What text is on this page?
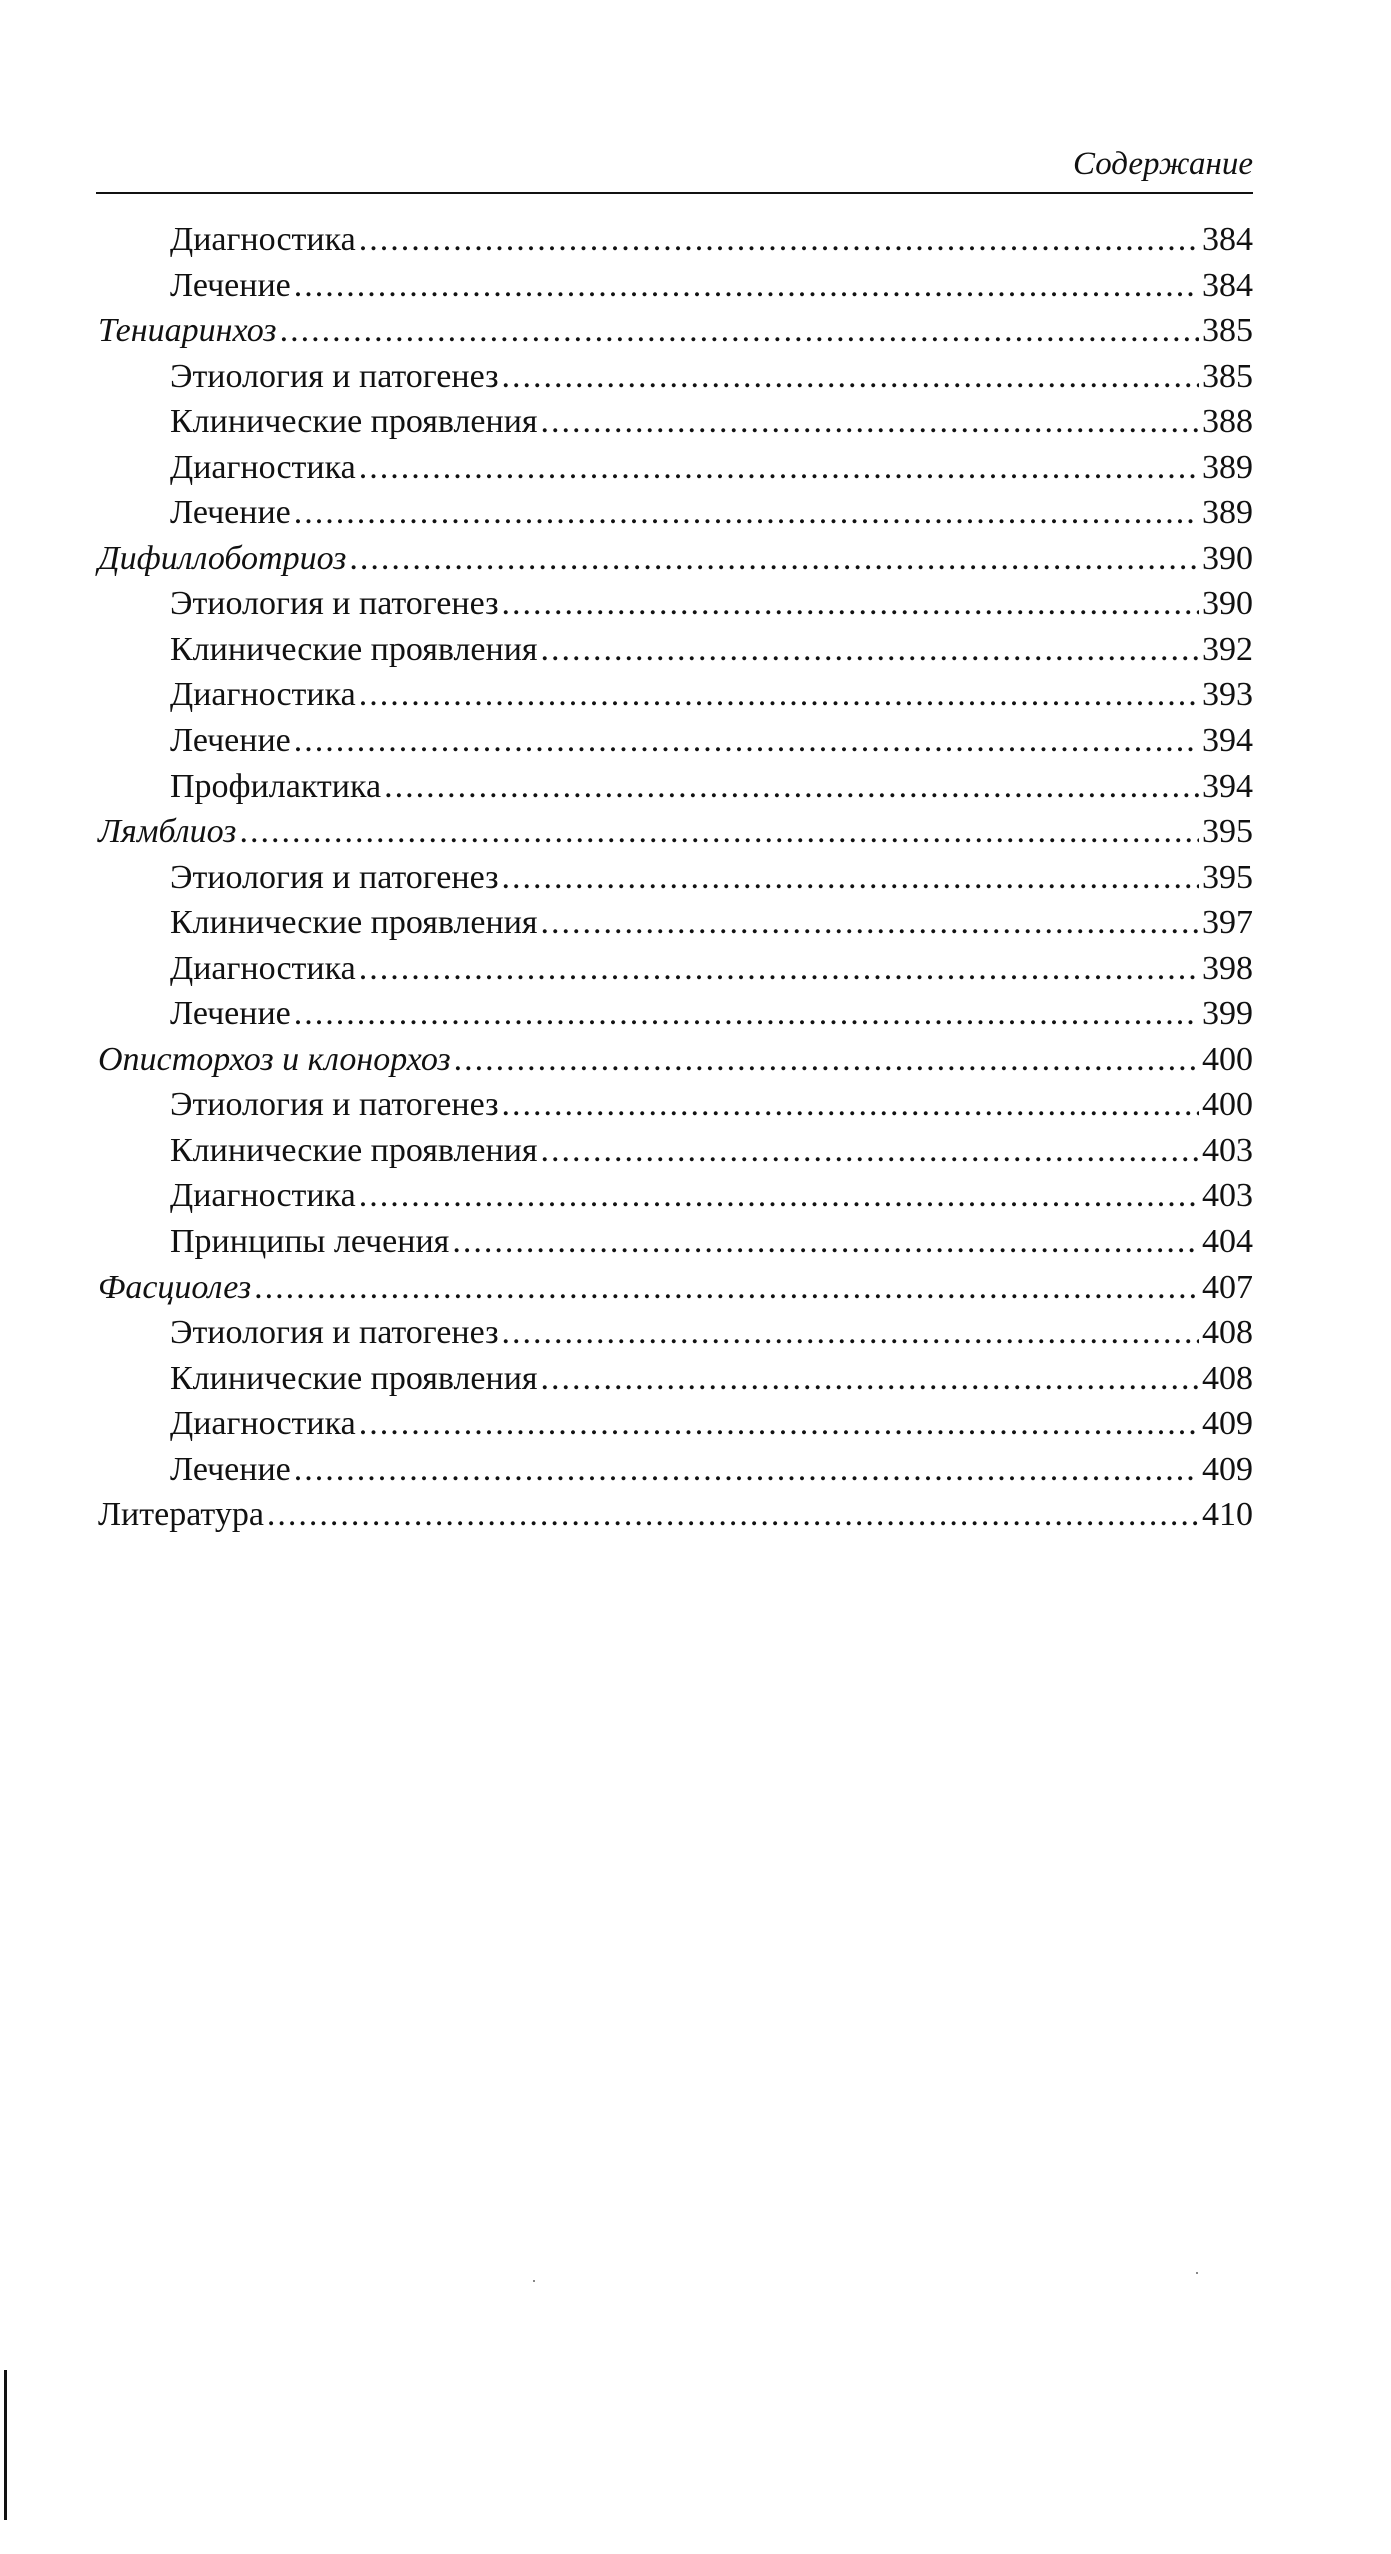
Содержание
Диагностика .....	384
Лечение .....	384
Тениаринхоз .....	385
Этиология и патогенез .....	385
Клинические проявления .....	388
Диагностика .....	389
Лечение .....	389
Дифиллоботриоз .....	390
Этиология и патогенез .....	390
Клинические проявления .....	392
Диагностика .....	393
Лечение .....	394
Профилактика .....	394
Лямблиоз .....	395
Этиология и патогенез .....	395
Клинические проявления .....	397
Диагностика .....	398
Лечение .....	399
Описторхоз и клонорхоз .....	400
Этиология и патогенез .....	400
Клинические проявления .....	403
Диагностика .....	403
Принципы лечения .....	404
Фасциолез .....	407
Этиология и патогенез .....	408
Клинические проявления .....	408
Диагностика .....	409
Лечение .....	409
Литература .....	410
